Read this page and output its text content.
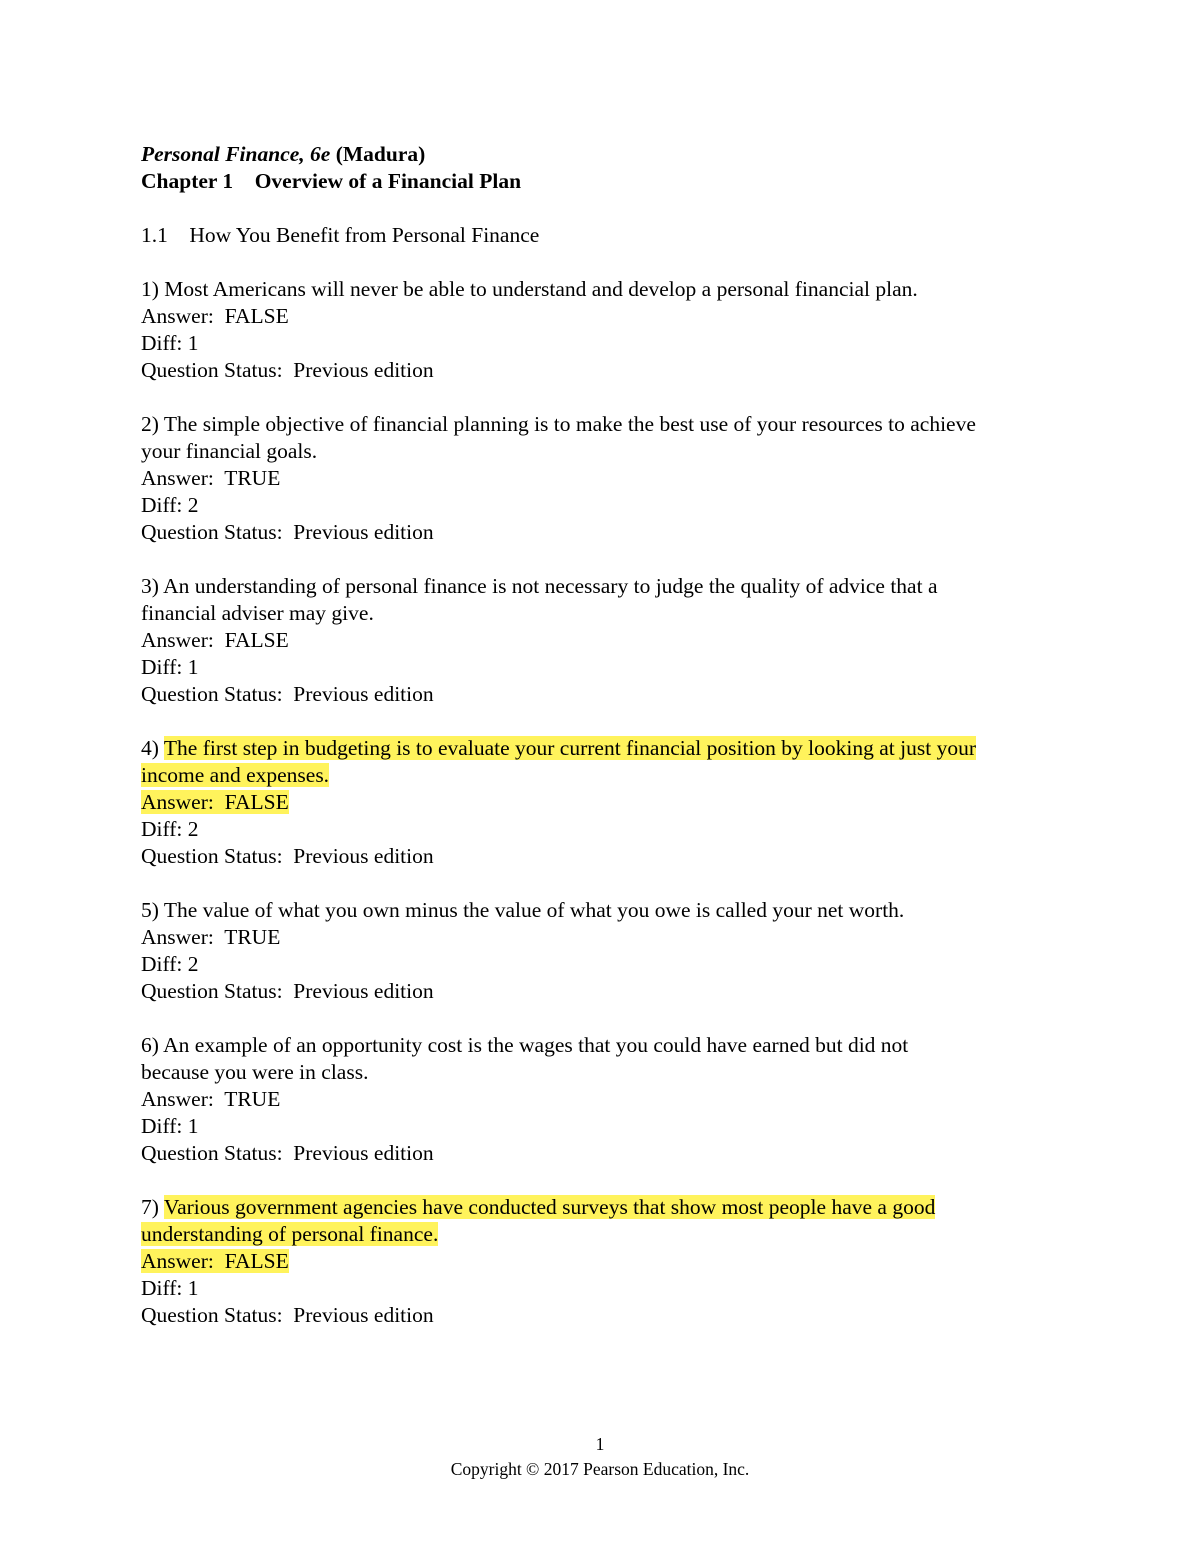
Personal Finance, 6e (Madura)
Chapter 1 Overview of a Financial Plan
1.1 How You Benefit from Personal Finance
1) Most Americans will never be able to understand and develop a personal financial plan.
Answer:  FALSE
Diff: 1
Question Status:  Previous edition
2) The simple objective of financial planning is to make the best use of your resources to achieve
your financial goals.
Answer:  TRUE
Diff: 2
Question Status:  Previous edition
3) An understanding of personal finance is not necessary to judge the quality of advice that a
financial adviser may give.
Answer:  FALSE
Diff: 1
Question Status:  Previous edition
4) The first step in budgeting is to evaluate your current financial position by looking at just your
income and expenses.
Answer:  FALSE
Diff: 2
Question Status:  Previous edition
5) The value of what you own minus the value of what you owe is called your net worth.
Answer:  TRUE
Diff: 2
Question Status:  Previous edition
6) An example of an opportunity cost is the wages that you could have earned but did not
because you were in class.
Answer:  TRUE
Diff: 1
Question Status:  Previous edition
7) Various government agencies have conducted surveys that show most people have a good
understanding of personal finance.
Answer:  FALSE
Diff: 1
Question Status:  Previous edition
1
Copyright © 2017 Pearson Education, Inc.
